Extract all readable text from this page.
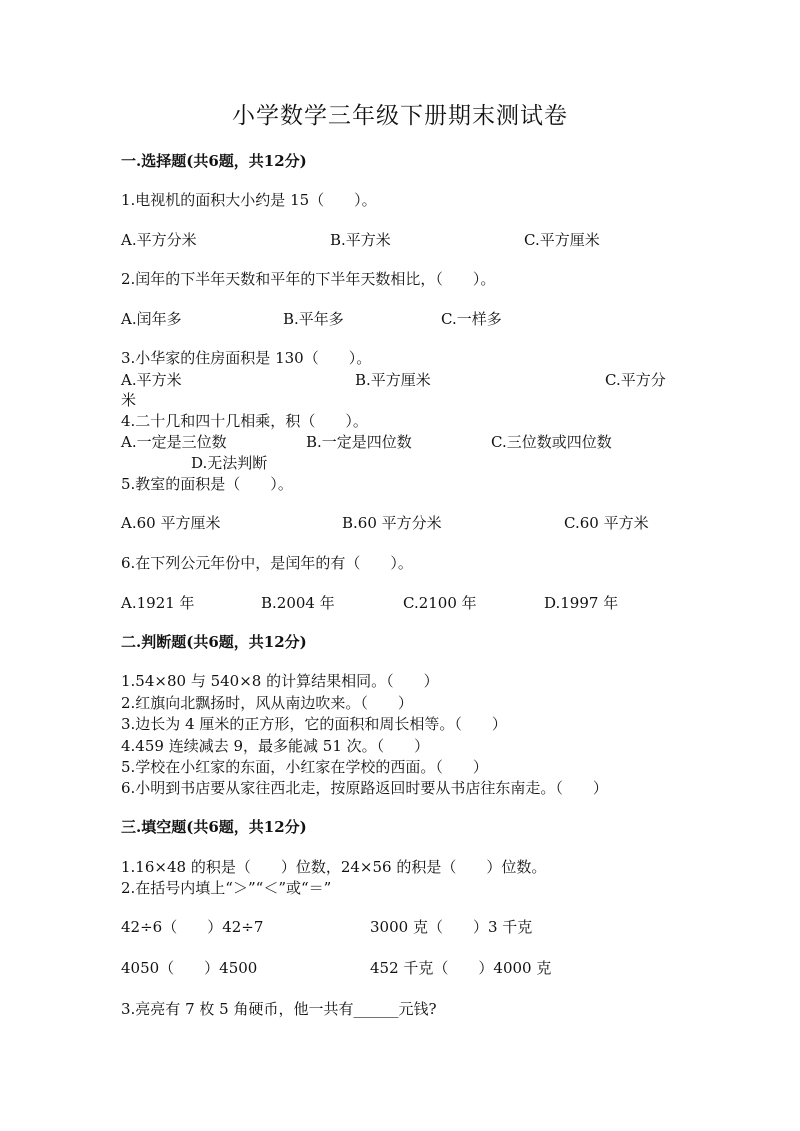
小学数学三年级下册期末测试卷
一.选择题(共6题，共12分)
1.电视机的面积大小约是 15（　　）。
A.平方分米	B.平方米	C.平方厘米
2.闰年的下半年天数和平年的下半年天数相比，（　　）。
A.闰年多	B.平年多	C.一样多
3.小华家的住房面积是 130（　　）。
A.平方米	B.平方厘米	C.平方分
米
4.二十几和四十几相乘，积（　　）。
A.一定是三位数	B.一定是四位数	C.三位数或四位数
D.无法判断
5.教室的面积是（　　）。
A.60 平方厘米	B.60 平方分米	C.60 平方米
6.在下列公元年份中，是闰年的有（　　）。
A.1921 年	B.2004 年	C.2100 年	D.1997 年
二.判断题(共6题，共12分)
1.54×80 与 540×8 的计算结果相同。（　　）
2.红旗向北飘扬时，风从南边吹来。（　　）
3.边长为 4 厘米的正方形，它的面积和周长相等。（　　）
4.459 连续减去 9，最多能减 51 次。（　　）
5.学校在小红家的东面，小红家在学校的西面。（　　）
6.小明到书店要从家往西北走，按原路返回时要从书店往东南走。（　　）
三.填空题(共6题，共12分)
1.16×48 的积是（　　）位数，24×56 的积是（　　）位数。
2.在括号内填上“＞”“＜”或“＝”
42÷6（　　）42÷7	3000 克（　　）3 千克
4050（　　）4500	452 千克（　　）4000 克
3.亮亮有 7 枚 5 角硬币，他一共有______元钱?
